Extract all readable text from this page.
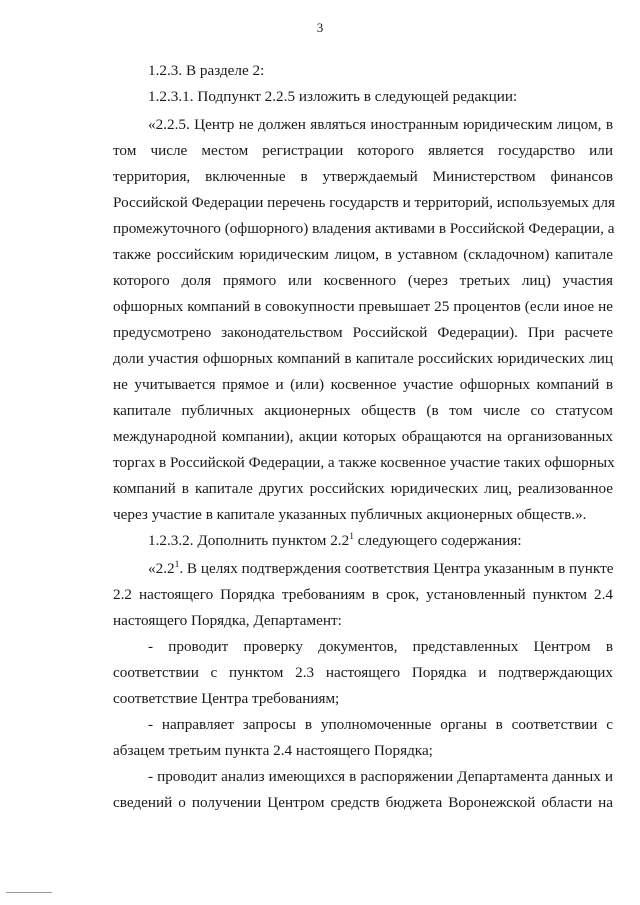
3
1.2.3. В разделе 2:
1.2.3.1. Подпункт 2.2.5 изложить в следующей редакции:
«2.2.5. Центр не должен являться иностранным юридическим лицом, в
том числе местом регистрации которого является государство или
территория, включенные в утверждаемый Министерством финансов
Российской Федерации перечень государств и территорий, используемых для
промежуточного (офшорного) владения активами в Российской Федерации, а
также российским юридическим лицом, в уставном (складочном) капитале
которого доля прямого или косвенного (через третьих лиц) участия
офшорных компаний в совокупности превышает 25 процентов (если иное не
предусмотрено законодательством Российской Федерации). При расчете
доли участия офшорных компаний в капитале российских юридических лиц
не учитывается прямое и (или) косвенное участие офшорных компаний в
капитале публичных акционерных обществ (в том числе со статусом
международной компании), акции которых обращаются на организованных
торгах в Российской Федерации, а также косвенное участие таких офшорных
компаний в капитале других российских юридических лиц, реализованное
через участие в капитале указанных публичных акционерных обществ.».
1.2.3.2. Дополнить пунктом $2.2^1$ следующего содержания:
«$2.2^1$. В целях подтверждения соответствия Центра указанным в пункте
2.2 настоящего Порядка требованиям в срок, установленный пунктом 2.4
настоящего Порядка, Департамент:
- проводит проверку документов, представленных Центром в
соответствии с пунктом 2.3 настоящего Порядка и подтверждающих
соответствие Центра требованиям;
- направляет запросы в уполномоченные органы в соответствии с
абзацем третьим пункта 2.4 настоящего Порядка;
- проводит анализ имеющихся в распоряжении Департамента данных и
сведений о получении Центром средств бюджета Воронежской области на
